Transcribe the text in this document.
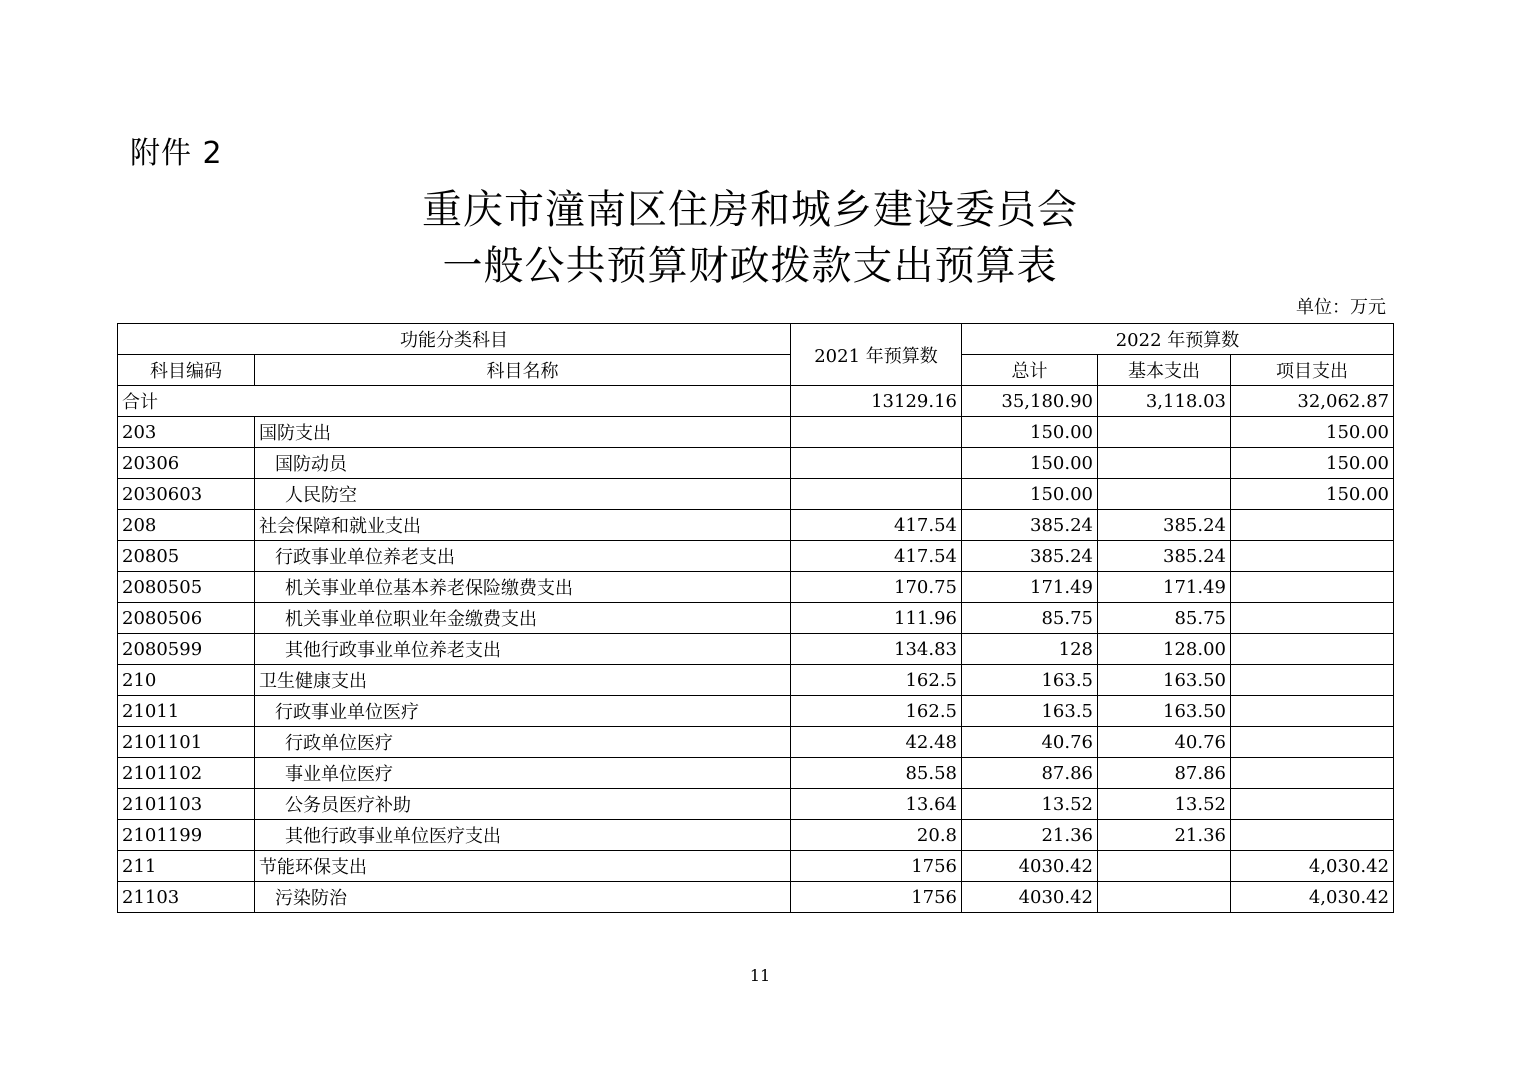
附件 2
重庆市潼南区住房和城乡建设委员会
一般公共预算财政拨款支出预算表
单位：万元
功能分类科目		2021 年预算数	2022 年预算数		
科目编码	科目名称		总计	基本支出	项目支出
合计		13129.16	35,180.90	3,118.03	32,062.87
203	国防支出		150.00		150.00
20306	国防动员		150.00		150.00
2030603	人民防空		150.00		150.00
208	社会保障和就业支出	417.54	385.24	385.24	
20805	行政事业单位养老支出	417.54	385.24	385.24	
2080505	机关事业单位基本养老保险缴费支出	170.75	171.49	171.49	
2080506	机关事业单位职业年金缴费支出	111.96	85.75	85.75	
2080599	其他行政事业单位养老支出	134.83	128	128.00	
210	卫生健康支出	162.5	163.5	163.50	
21011	行政事业单位医疗	162.5	163.5	163.50	
2101101	行政单位医疗	42.48	40.76	40.76	
2101102	事业单位医疗	85.58	87.86	87.86	
2101103	公务员医疗补助	13.64	13.52	13.52	
2101199	其他行政事业单位医疗支出	20.8	21.36	21.36	
211	节能环保支出	1756	4030.42		4,030.42
21103	污染防治	1756	4030.42		4,030.42
11
